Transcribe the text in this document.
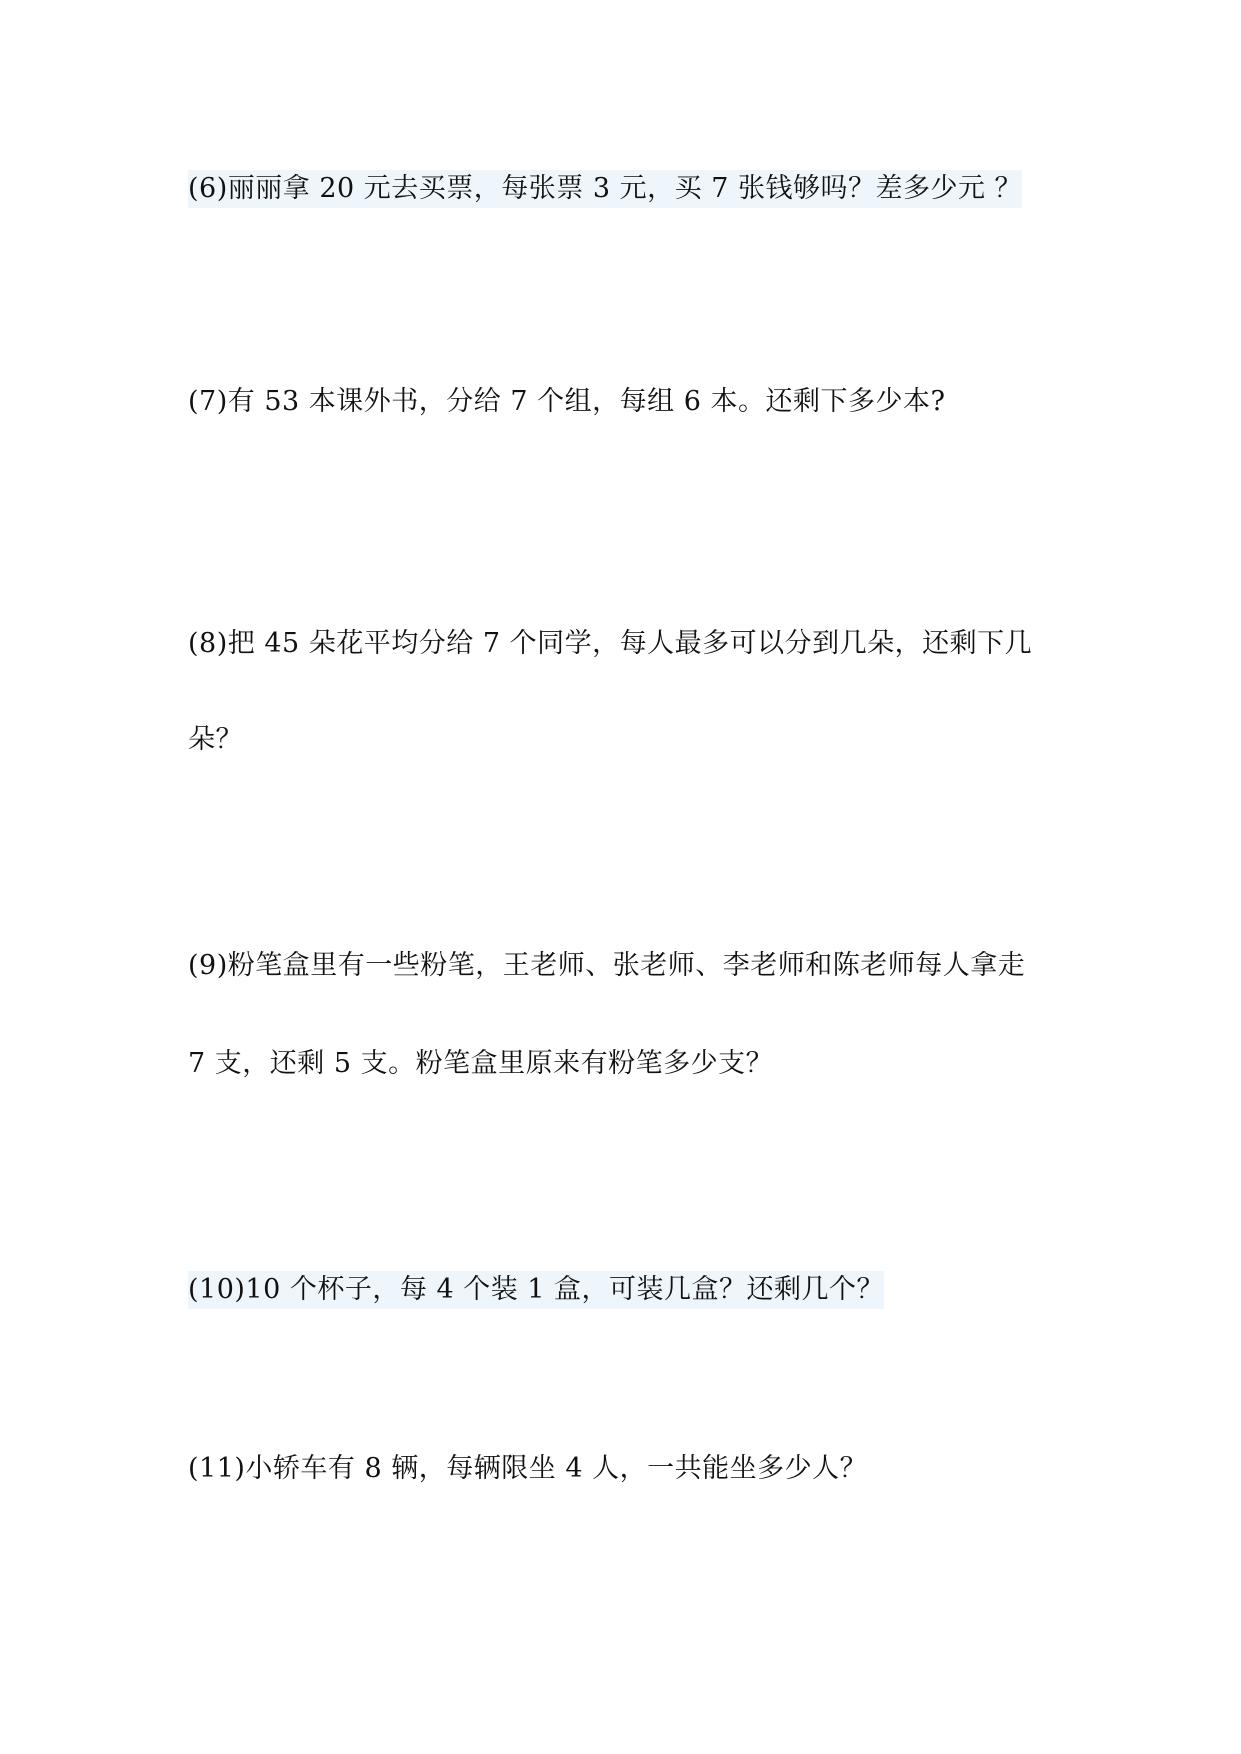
(6)丽丽拿 20 元去买票，每张票 3 元，买 7 张钱够吗？差多少元 ？
(7)有 53 本课外书，分给 7 个组，每组 6 本。还剩下多少本?
(8)把 45 朵花平均分给 7 个同学，每人最多可以分到几朵，还剩下几
朵？
(9)粉笔盒里有一些粉笔，王老师、张老师、李老师和陈老师每人拿走
7 支，还剩 5 支。粉笔盒里原来有粉笔多少支？
(10)10 个杯子，每 4 个装 1 盒，可装几盒？还剩几个？
(11)小轿车有 8 辆，每辆限坐 4 人，一共能坐多少人？
